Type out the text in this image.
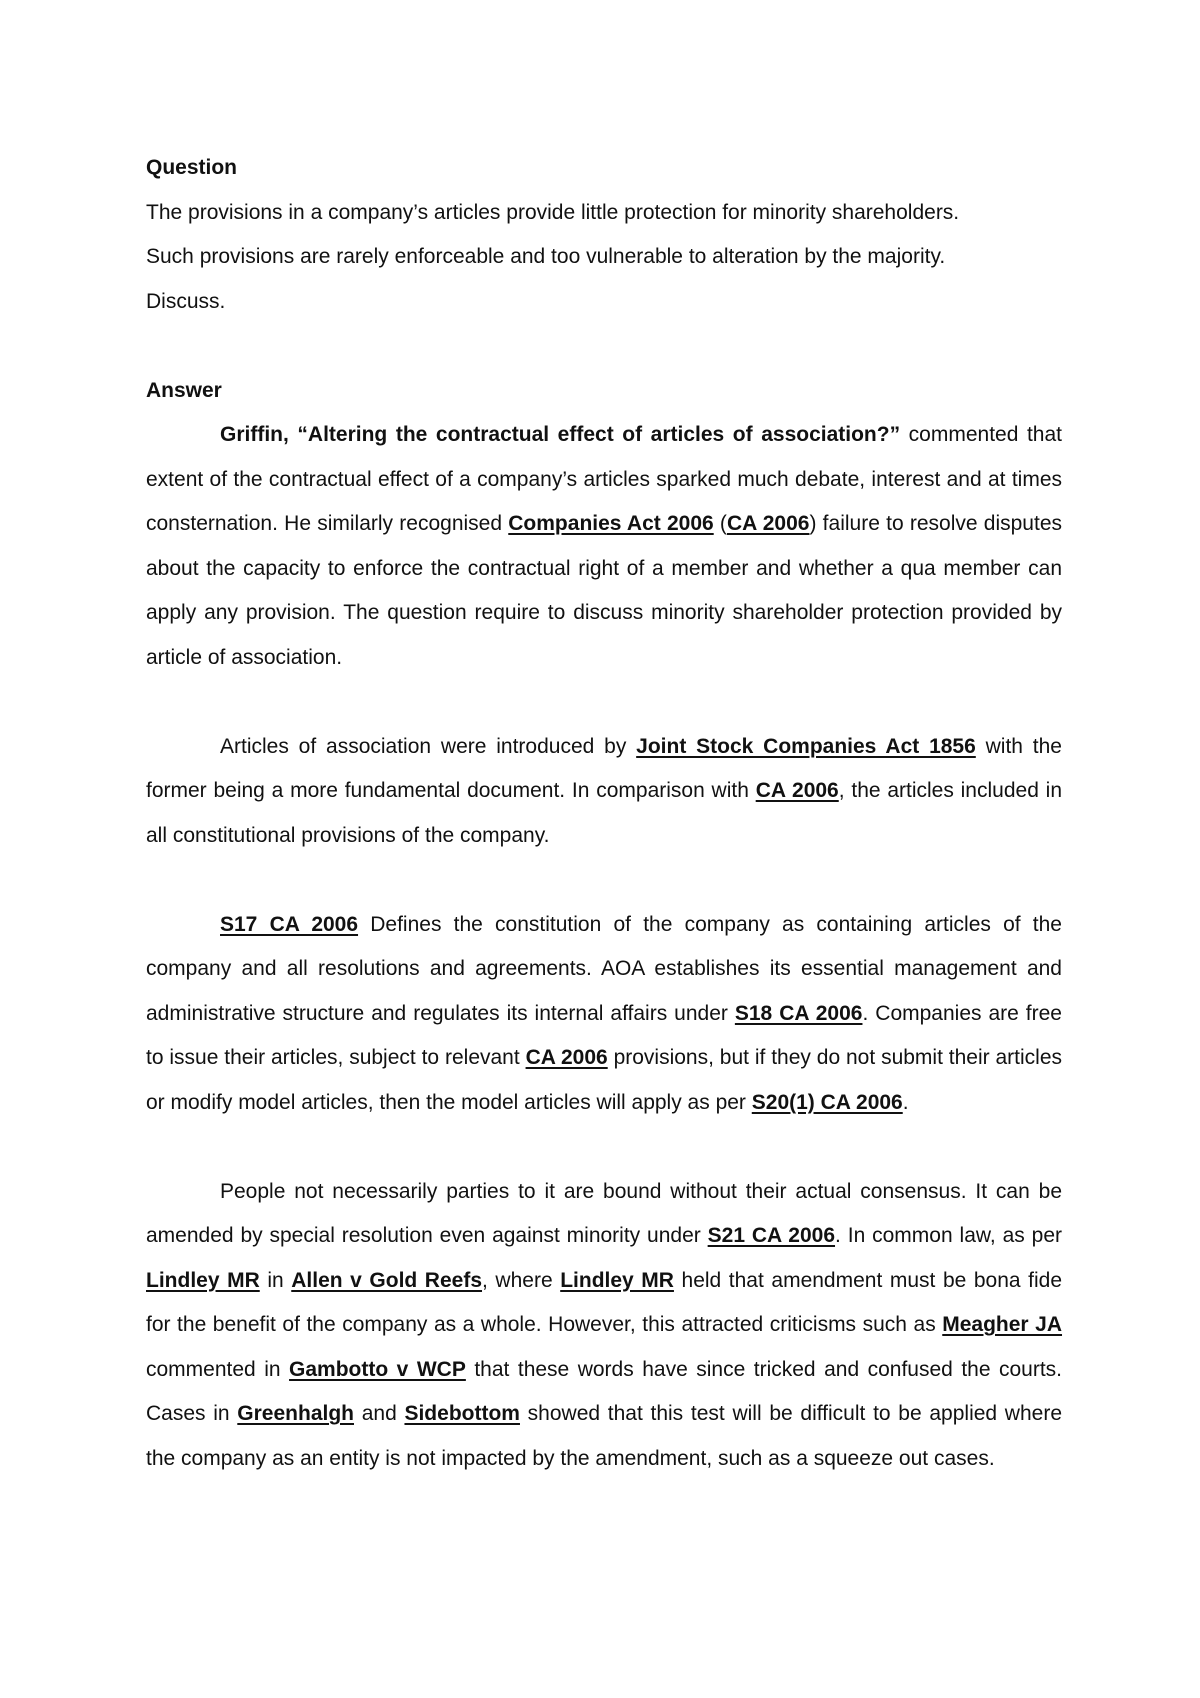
Question

The provisions in a company’s articles provide little protection for minority shareholders.

Such provisions are rarely enforceable and too vulnerable to alteration by the majority.

Discuss.

Answer

Griffin, “Altering the contractual effect of articles of association?” commented that extent of the contractual effect of a company’s articles sparked much debate, interest and at times consternation. He similarly recognised Companies Act 2006 (CA 2006) failure to resolve disputes about the capacity to enforce the contractual right of a member and whether a qua member can apply any provision. The question require to discuss minority shareholder protection provided by article of association.

Articles of association were introduced by Joint Stock Companies Act 1856 with the former being a more fundamental document. In comparison with CA 2006, the articles included in all constitutional provisions of the company.

S17 CA 2006 Defines the constitution of the company as containing articles of the company and all resolutions and agreements. AOA establishes its essential management and administrative structure and regulates its internal affairs under S18 CA 2006. Companies are free to issue their articles, subject to relevant CA 2006 provisions, but if they do not submit their articles or modify model articles, then the model articles will apply as per S20(1) CA 2006.

People not necessarily parties to it are bound without their actual consensus. It can be amended by special resolution even against minority under S21 CA 2006. In common law, as per Lindley MR in Allen v Gold Reefs, where Lindley MR held that amendment must be bona fide for the benefit of the company as a whole. However, this attracted criticisms such as Meagher JA commented in Gambotto v WCP that these words have since tricked and confused the courts. Cases in Greenhalgh and Sidebottom showed that this test will be difficult to be applied where the company as an entity is not impacted by the amendment, such as a squeeze out cases.
